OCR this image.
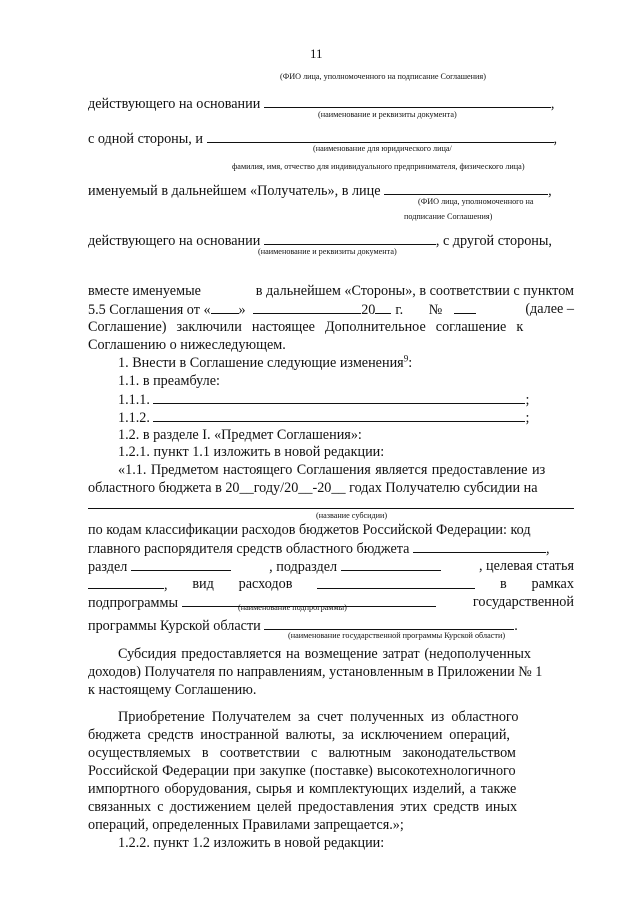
11
(ФИО лица, уполномоченного на подписание Соглашения)
действующего на основании	,
(наименование и реквизиты документа)
с одной стороны, и	,
(наименование для юридического лица/
фамилия, имя, отчество для индивидуального предпринимателя, физического лица)
именуемый в дальнейшем «Получатель», в лице	,
(ФИО лица, уполномоченного на
подписание Соглашения)
действующего на основании	, с другой стороны,
(наименование и реквизиты документа)
вместе именуемые	в дальнейшем «Стороны», в соответствии с пунктом
5.5 Соглашения от « »	20 г. №	(далее –
Соглашение) заключили настоящее Дополнительное соглашение к
Соглашению о нижеследующем.
1. Внести в Соглашение следующие изменения$^9$:
1.1. в преамбуле:
1.1.1.	;
1.1.2.	;
1.2. в разделе I. «Предмет Соглашения»:
1.2.1. пункт 1.1 изложить в новой редакции:
«1.1. Предметом настоящего Соглашения является предоставление из
областного бюджета в 20__году/20__-20__ годах Получателю субсидии на
(название субсидии)
по кодам классификации расходов бюджетов Российской Федерации: код
главного распорядителя средств областного бюджета	,
раздел	, подраздел	, целевая статья
, вид расходов	в рамках
подпрограммы	государственной
(наименование подпрограммы)
программы Курской области	.
(наименование государственной программы Курской области)
Субсидия предоставляется на возмещение затрат (недополученных
доходов) Получателя по направлениям, установленным в Приложении № 1
к настоящему Соглашению.
Приобретение Получателем за счет полученных из областного
бюджета средств иностранной валюты, за исключением операций,
осуществляемых в соответствии с валютным законодательством
Российской Федерации при закупке (поставке) высокотехнологичного
импортного оборудования, сырья и комплектующих изделий, а также
связанных с достижением целей предоставления этих средств иных
операций, определенных Правилами запрещается.»;
1.2.2. пункт 1.2 изложить в новой редакции:
